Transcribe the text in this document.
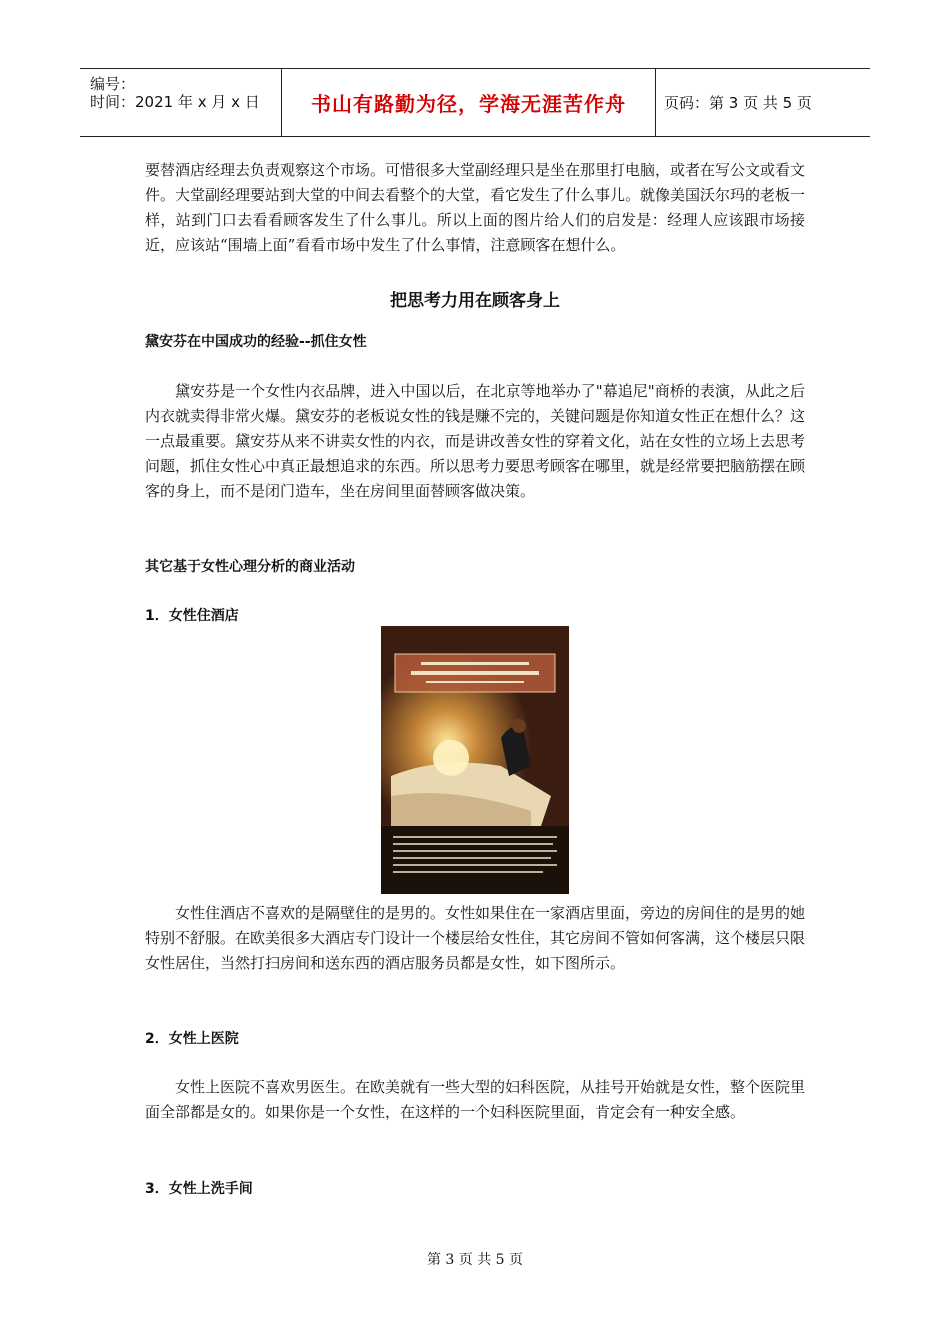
编号：
时间：2021 年 x 月 x 日	书山有路勤为径，学海无涯苦作舟	页码：第 3 页 共 5 页

要替酒店经理去负责观察这个市场。可惜很多大堂副经理只是坐在那里打电脑，或者在写公文或看文件。大堂副经理要站到大堂的中间去看整个的大堂，看它发生了什么事儿。就像美国沃尔玛的老板一样，站到门口去看看顾客发生了什么事儿。所以上面的图片给人们的启发是：经理人应该跟市场接近，应该站“围墙上面”看看市场中发生了什么事情，注意顾客在想什么。

把思考力用在顾客身上
黛安芬在中国成功的经验--抓住女性

黛安芬是一个女性内衣品牌，进入中国以后，在北京等地举办了"幕追尼"商桥的表演，从此之后内衣就卖得非常火爆。黛安芬的老板说女性的钱是赚不完的，关键问题是你知道女性正在想什么？这一点最重要。黛安芬从来不讲卖女性的内衣，而是讲改善女性的穿着文化，站在女性的立场上去思考问题，抓住女性心中真正最想追求的东西。所以思考力要思考顾客在哪里，就是经常要把脑筋摆在顾客的身上，而不是闭门造车，坐在房间里面替顾客做决策。

其它基于女性心理分析的商业活动
1．女性住酒店

女性住酒店不喜欢的是隔壁住的是男的。女性如果住在一家酒店里面，旁边的房间住的是男的她特别不舒服。在欧美很多大酒店专门设计一个楼层给女性住，其它房间不管如何客满，这个楼层只限女性居住，当然打扫房间和送东西的酒店服务员都是女性，如下图所示。

2．女性上医院

女性上医院不喜欢男医生。在欧美就有一些大型的妇科医院，从挂号开始就是女性，整个医院里面全部都是女的。如果你是一个女性，在这样的一个妇科医院里面，肯定会有一种安全感。

3．女性上洗手间
第 3 页 共 5 页
